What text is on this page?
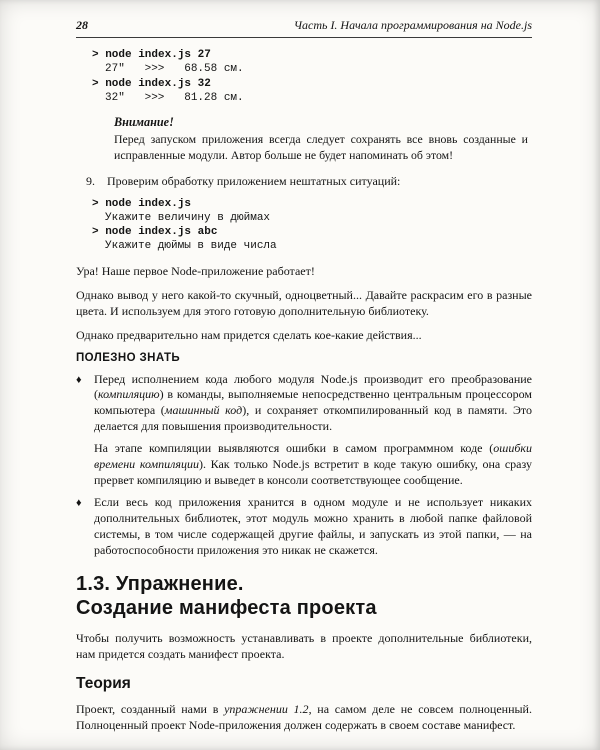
28	Часть I. Начала программирования на Node.js
> node index.js 27
27"   >>>   68.58 см.
> node index.js 32
32"   >>>   81.28 см.
Внимание!
Перед запуском приложения всегда следует сохранять все вновь созданные и исправленные модули. Автор больше не будет напоминать об этом!
9.	Проверим обработку приложением нештатных ситуаций:
> node index.js
Укажите величину в дюймах
> node index.js abc
Укажите дюймы в виде числа

Ура! Наше первое Node-приложение работает!

Однако вывод у него какой-то скучный, одноцветный... Давайте раскрасим его в разные цвета. И используем для этого готовую дополнительную библиотеку.

Однако предварительно нам придется сделать кое-какие действия...

ПОЛЕЗНО ЗНАТЬ
♦	Перед исполнением кода любого модуля Node.js производит его преобразование (компиляцию) в команды, выполняемые непосредственно центральным процессором компьютера (машинный код), и сохраняет откомпилированный код в памяти. Это делается для повышения производительности.
На этапе компиляции выявляются ошибки в самом программном коде (ошибки времени компиляции). Как только Node.js встретит в коде такую ошибку, она сразу прервет компиляцию и выведет в консоли соответствующее сообщение.
♦	Если весь код приложения хранится в одном модуле и не использует никаких дополнительных библиотек, этот модуль можно хранить в любой папке файловой системы, в том числе содержащей другие файлы, и запускать из этой папки, — на работоспособности приложения это никак не скажется.
1.3. Упражнение.
Создание манифеста проекта

Чтобы получить возможность устанавливать в проекте дополнительные библиотеки, нам придется создать манифест проекта.

Теория

Проект, созданный нами в упражнении 1.2, на самом деле не совсем полноценный. Полноценный проект Node-приложения должен содержать в своем составе манифест.
